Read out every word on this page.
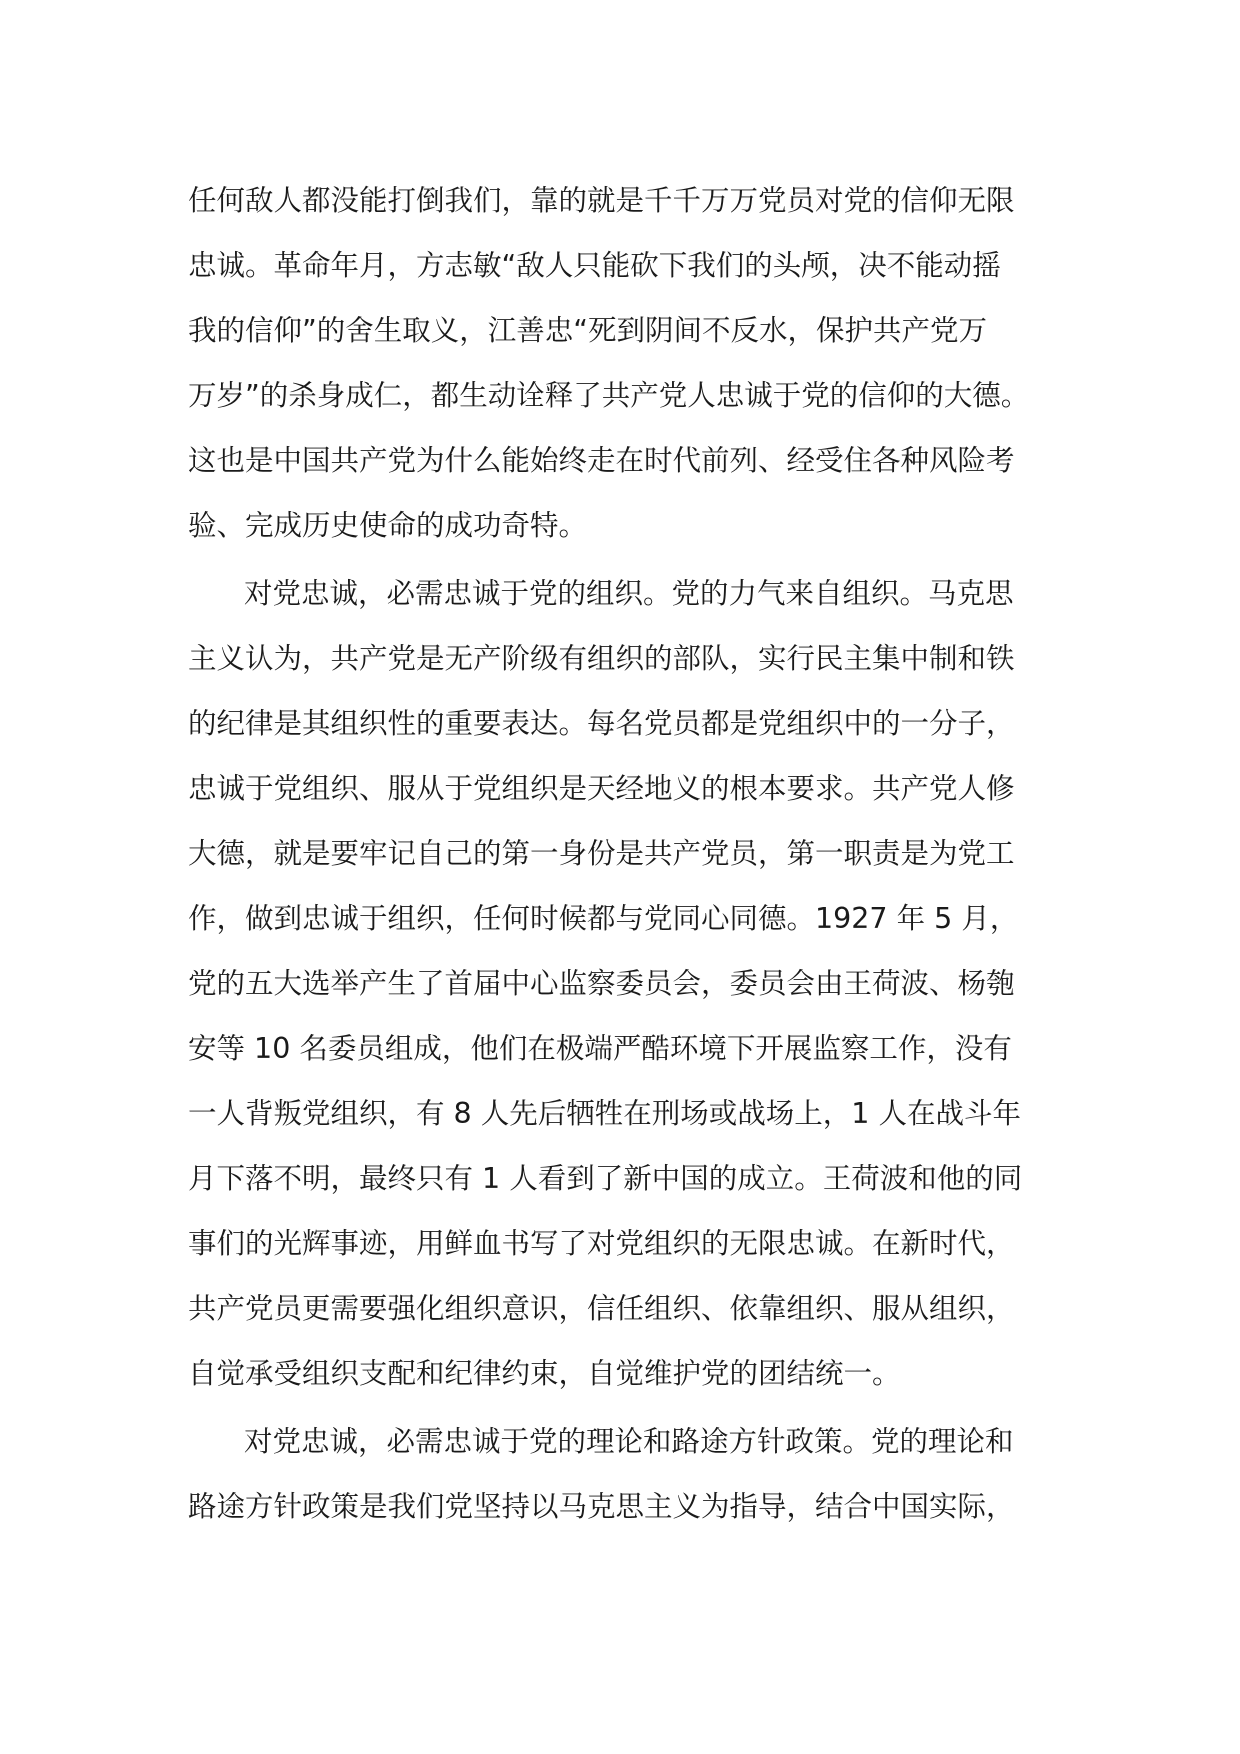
任何敌人都没能打倒我们，靠的就是千千万万党员对党的信仰无限
忠诚。革命年月，方志敏“敌人只能砍下我们的头颅，决不能动摇
我的信仰”的舍生取义，江善忠“死到阴间不反水，保护共产党万
万岁”的杀身成仁，都生动诠释了共产党人忠诚于党的信仰的大德。
这也是中国共产党为什么能始终走在时代前列、经受住各种风险考
验、完成历史使命的成功奇特。
对党忠诚，必需忠诚于党的组织。党的力气来自组织。马克思
主义认为，共产党是无产阶级有组织的部队，实行民主集中制和铁
的纪律是其组织性的重要表达。每名党员都是党组织中的一分子，
忠诚于党组织、服从于党组织是天经地义的根本要求。共产党人修
大德，就是要牢记自己的第一身份是共产党员，第一职责是为党工
作，做到忠诚于组织，任何时候都与党同心同德。1927 年 5 月，
党的五大选举产生了首届中心监察委员会，委员会由王荷波、杨匏
安等 10 名委员组成，他们在极端严酷环境下开展监察工作，没有
一人背叛党组织，有 8 人先后牺牲在刑场或战场上，1 人在战斗年
月下落不明，最终只有 1 人看到了新中国的成立。王荷波和他的同
事们的光辉事迹，用鲜血书写了对党组织的无限忠诚。在新时代，
共产党员更需要强化组织意识，信任组织、依靠组织、服从组织，
自觉承受组织支配和纪律约束，自觉维护党的团结统一。
对党忠诚，必需忠诚于党的理论和路途方针政策。党的理论和
路途方针政策是我们党坚持以马克思主义为指导，结合中国实际，
